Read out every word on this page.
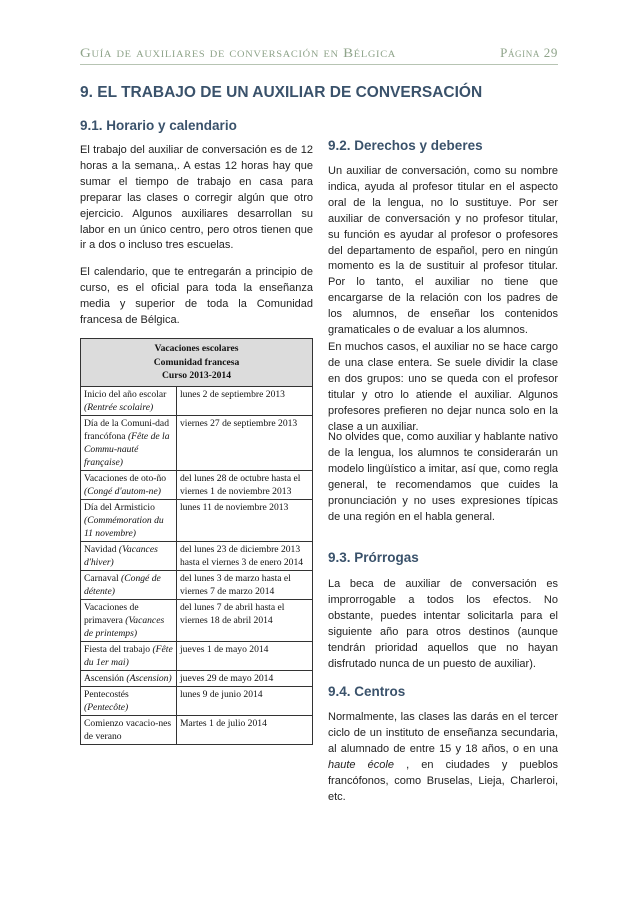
Guía de auxiliares de conversación en Bélgica	Página 29
9. EL TRABAJO DE UN AUXILIAR DE CONVERSACIÓN
9.1. Horario y calendario

El trabajo del auxiliar de conversación es de 12 horas a la semana,. A estas 12 horas hay que sumar el tiempo de trabajo en casa para preparar las clases o corregir algún que otro ejercicio. Algunos auxiliares desarrollan su labor en un único centro, pero otros tienen que ir a dos o incluso tres escuelas.

El calendario, que te entregarán a principio de curso, es el oficial para toda la enseñanza media y superior de toda la Comunidad francesa de Bélgica.

Vacaciones escolares
Comunidad francesa
Curso 2013-2014	

Inicio del año escolar (Rentrée scolaire)	lunes 2 de septiembre 2013
Día de la Comuni-dad francófona (Fête de la Commu-nauté française)	viernes 27 de septiembre 2013
Vacaciones de oto-ño (Congé d'autom-ne)	del lunes 28 de octubre hasta el viernes 1 de noviembre 2013
Día del Armisticio (Commémoration du 11 novembre)	lunes 11 de noviembre 2013
Navidad (Vacances d'hiver)	del lunes 23 de diciembre 2013 hasta el viernes 3 de enero 2014
Carnaval (Congé de détente)	del lunes 3 de marzo hasta el viernes 7 de marzo 2014
Vacaciones de primavera (Vacances de printemps)	del lunes 7 de abril hasta el viernes 18 de abril 2014
Fiesta del trabajo (Fête du 1er mai)	jueves 1 de mayo 2014
Ascensión (Ascension)	jueves 29 de mayo 2014
Pentecostés (Pentecôte)	lunes 9 de junio 2014
Comienzo vacacio-nes de verano	Martes 1 de julio 2014
9.2. Derechos y deberes

Un auxiliar de conversación, como su nombre indica, ayuda al profesor titular en el aspecto oral de la lengua, no lo sustituye. Por ser auxiliar de conversación y no profesor titular, su función es ayudar al profesor o profesores del departamento de español, pero en ningún momento es la de sustituir al profesor titular. Por lo tanto, el auxiliar no tiene que encargarse de la relación con los padres de los alumnos, de enseñar los contenidos gramaticales o de evaluar a los alumnos.

En muchos casos, el auxiliar no se hace cargo de una clase entera. Se suele dividir la clase en dos grupos: uno se queda con el profesor titular y otro lo atiende el auxiliar. Algunos profesores prefieren no dejar nunca solo en la clase a un auxiliar.

No olvides que, como auxiliar y hablante nativo de la lengua, los alumnos te considerarán un modelo lingüístico a imitar, así que, como regla general, te recomendamos que cuides la pronunciación y no uses expresiones típicas de una región en el habla general.

9.3. Prórrogas

La beca de auxiliar de conversación es improrrogable a todos los efectos. No obstante, puedes intentar solicitarla para el siguiente año para otros destinos (aunque tendrán prioridad aquellos que no hayan disfrutado nunca de un puesto de auxiliar).

9.4. Centros

Normalmente, las clases las darás en el tercer ciclo de un instituto de enseñanza secundaria, al alumnado de entre 15 y 18 años, o en una haute école , en ciudades y pueblos francófonos, como Bruselas, Lieja, Charleroi, etc.
